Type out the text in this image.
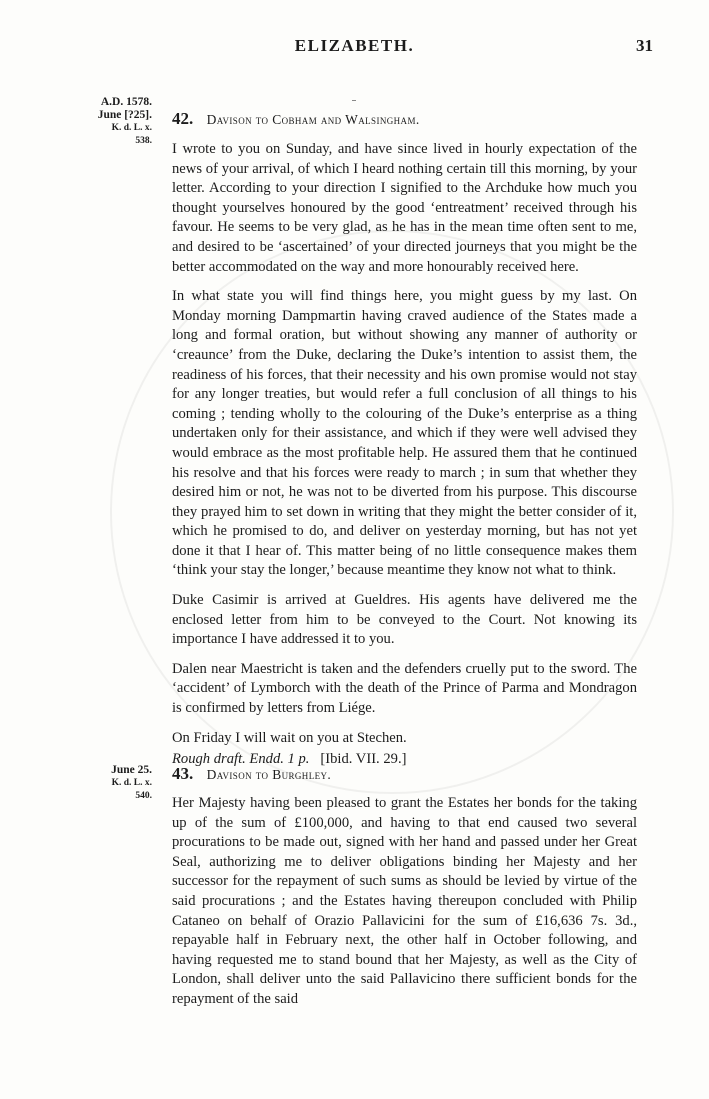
ELIZABETH.	31
A.D. 1578.
June [?25].
K. d. L. x.
538.
42. Davison to Cobham and Walsingham.

I wrote to you on Sunday, and have since lived in hourly expectation of the news of your arrival, of which I heard nothing certain till this morning, by your letter. According to your direction I signified to the Archduke how much you thought yourselves honoured by the good ‘entreatment’ received through his favour. He seems to be very glad, as he has in the mean time often sent to me, and desired to be ‘ascertained’ of your directed journeys that you might be the better accommodated on the way and more honourably received here.

In what state you will find things here, you might guess by my last. On Monday morning Dampmartin having craved audience of the States made a long and formal oration, but without showing any manner of authority or ‘creaunce’ from the Duke, declaring the Duke’s intention to assist them, the readiness of his forces, that their necessity and his own promise would not stay for any longer treaties, but would refer a full conclusion of all things to his coming ; tending wholly to the colouring of the Duke’s enterprise as a thing undertaken only for their assistance, and which if they were well advised they would embrace as the most profitable help. He assured them that he continued his resolve and that his forces were ready to march ; in sum that whether they desired him or not, he was not to be diverted from his purpose. This discourse they prayed him to set down in writing that they might the better consider of it, which he promised to do, and deliver on yesterday morning, but has not yet done it that I hear of. This matter being of no little consequence makes them ‘think your stay the longer,’ because meantime they know not what to think.

Duke Casimir is arrived at Gueldres. His agents have delivered me the enclosed letter from him to be conveyed to the Court. Not knowing its importance I have addressed it to you.

Dalen near Maestricht is taken and the defenders cruelly put to the sword. The ‘accident’ of Lymborch with the death of the Prince of Parma and Mondragon is confirmed by letters from Liége.

On Friday I will wait on you at Stechen.

Rough draft. Endd. 1 p. [Ibid. VII. 29.]

June 25.
K. d. L. x.
540.
43. Davison to Burghley.

Her Majesty having been pleased to grant the Estates her bonds for the taking up of the sum of £100,000, and having to that end caused two several procurations to be made out, signed with her hand and passed under her Great Seal, authorizing me to deliver obligations binding her Majesty and her successor for the repayment of such sums as should be levied by virtue of the said procurations ; and the Estates having thereupon concluded with Philip Cataneo on behalf of Orazio Pallavicini for the sum of £16,636 7s. 3d., repayable half in February next, the other half in October following, and having requested me to stand bound that her Majesty, as well as the City of London, shall deliver unto the said Pallavicino there sufficient bonds for the repayment of the said
